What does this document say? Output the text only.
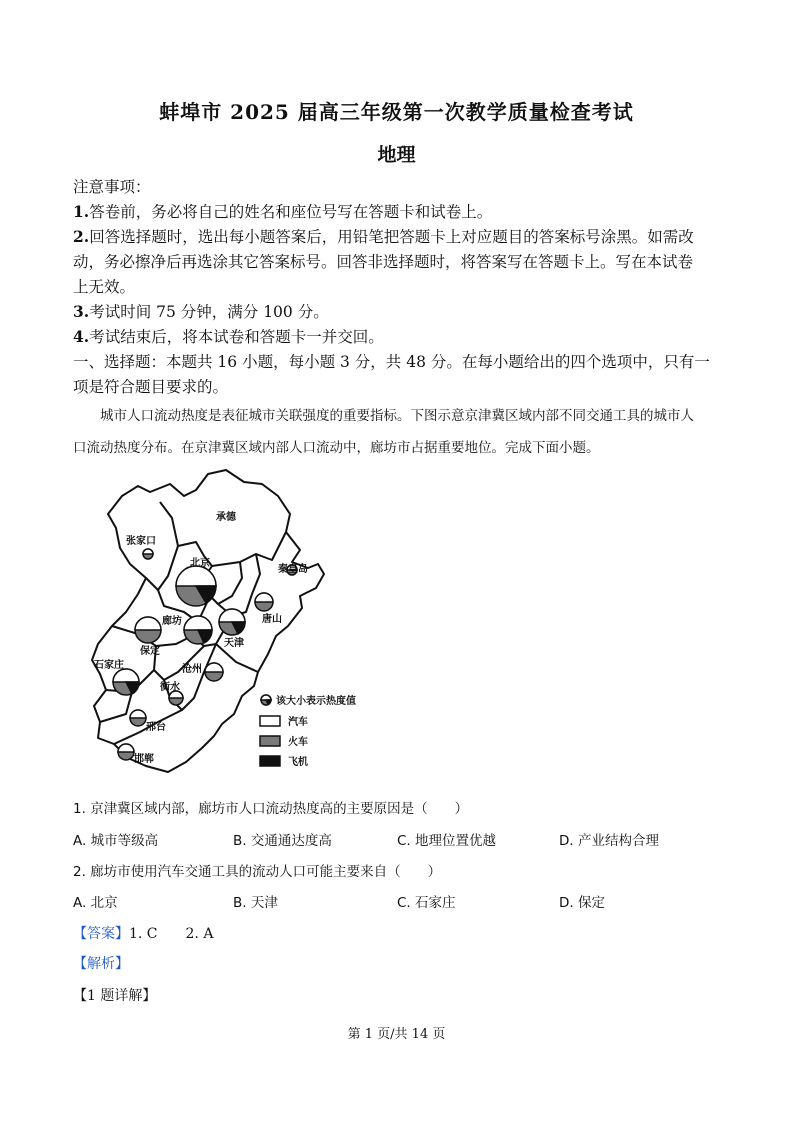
蚌埠市 2025 届高三年级第一次教学质量检查考试
地理
注意事项：
1.答卷前，务必将自己的姓名和座位号写在答题卡和试卷上。
2.回答选择题时，选出每小题答案后，用铅笔把答题卡上对应题目的答案标号涂黑。如需改
动，务必擦净后再选涂其它答案标号。回答非选择题时，将答案写在答题卡上。写在本试卷
上无效。
3.考试时间 75 分钟，满分 100 分。
4.考试结束后，将本试卷和答题卡一并交回。
一、选择题：本题共 16 小题，每小题 3 分，共 48 分。在每小题给出的四个选项中，只有一
项是符合题目要求的。
城市人口流动热度是表征城市关联强度的重要指标。下图示意京津冀区域内部不同交通工具的城市人
口流动热度分布。在京津冀区域内部人口流动中，廊坊市占据重要地位。完成下面小题。
承德
张家口
北京
秦皇岛
唐山
廊坊
天津
保定
石家庄	沧州
衡水
邢台
邯郸
该大小表示热度值
汽车
火车
飞机
1. 京津冀区域内部，廊坊市人口流动热度高的主要原因是（　　）
A. 城市等级高	B. 交通通达度高	C. 地理位置优越	D. 产业结构合理
2. 廊坊市使用汽车交通工具的流动人口可能主要来自（　　）
A. 北京	B. 天津	C. 石家庄	D. 保定
【答案】1. C　　2. A
【解析】
【1 题详解】
第 1 页/共 14 页
